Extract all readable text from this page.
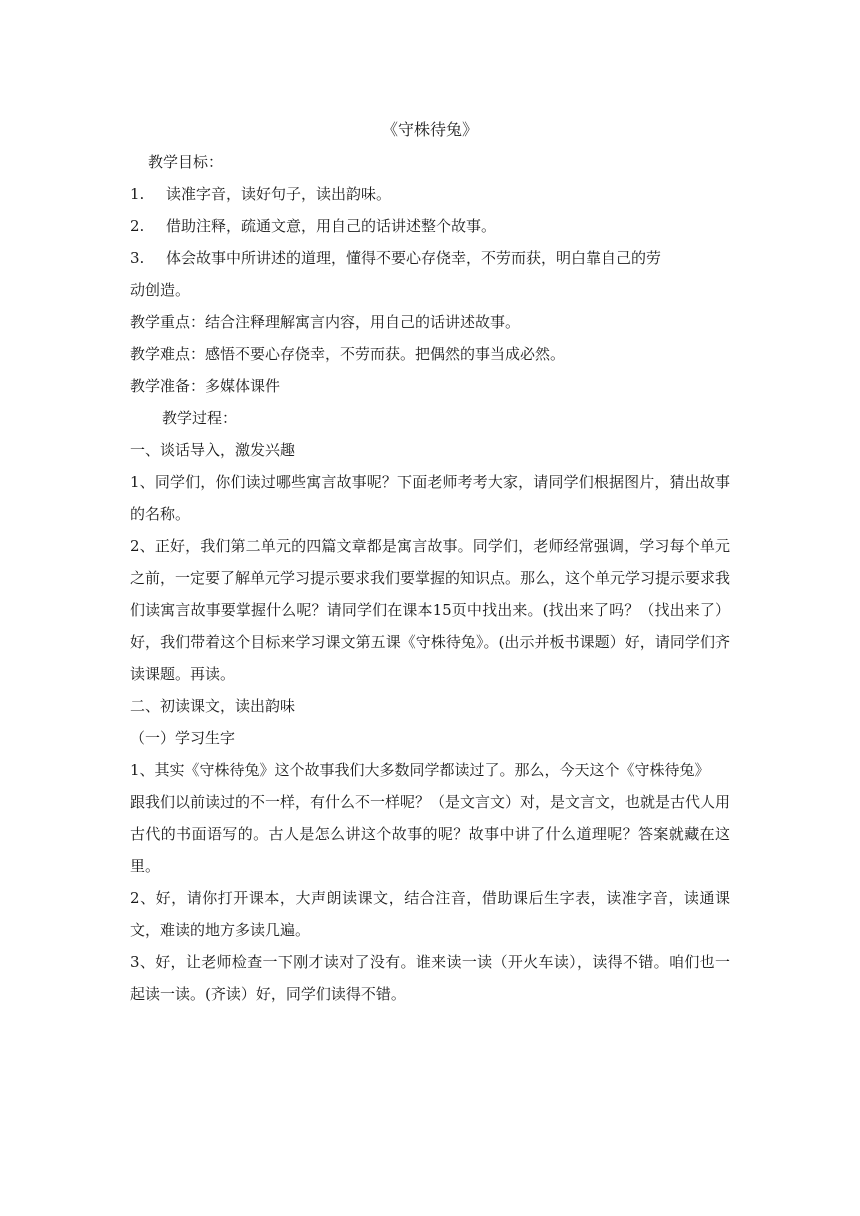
《守株待兔》

教学目标：

1. 读准字音，读好句子，读出韵味。

2. 借助注释，疏通文意，用自己的话讲述整个故事。

3. 体会故事中所讲述的道理，懂得不要心存侥幸，不劳而获，明白靠自己的劳

动创造。

教学重点：结合注释理解寓言内容，用自己的话讲述故事。

教学难点：感悟不要心存侥幸，不劳而获。把偶然的事当成必然。

教学准备：多媒体课件

教学过程：

一、谈话导入，激发兴趣

1、同学们，你们读过哪些寓言故事呢？下面老师考考大家，请同学们根据图片，猜出故事的名称。

2、正好，我们第二单元的四篇文章都是寓言故事。同学们，老师经常强调，学习每个单元之前，一定要了解单元学习提示要求我们要掌握的知识点。那么，这个单元学习提示要求我们读寓言故事要掌握什么呢？请同学们在课本15页中找出来。(找出来了吗？（找出来了）好，我们带着这个目标来学习课文第五课《守株待兔》。(出示并板书课题）好，请同学们齐读课题。再读。

二、初读课文，读出韵味

（一）学习生字

1、其实《守株待兔》这个故事我们大多数同学都读过了。那么，今天这个《守株待兔》

跟我们以前读过的不一样，有什么不一样呢？（是文言文）对，是文言文，也就是古代人用古代的书面语写的。古人是怎么讲这个故事的呢？故事中讲了什么道理呢？答案就藏在这里。

2、好，请你打开课本，大声朗读课文，结合注音，借助课后生字表，读准字音，读通课文，难读的地方多读几遍。

3、好，让老师检查一下刚才读对了没有。谁来读一读（开火车读），读得不错。咱们也一起读一读。(齐读）好，同学们读得不错。
